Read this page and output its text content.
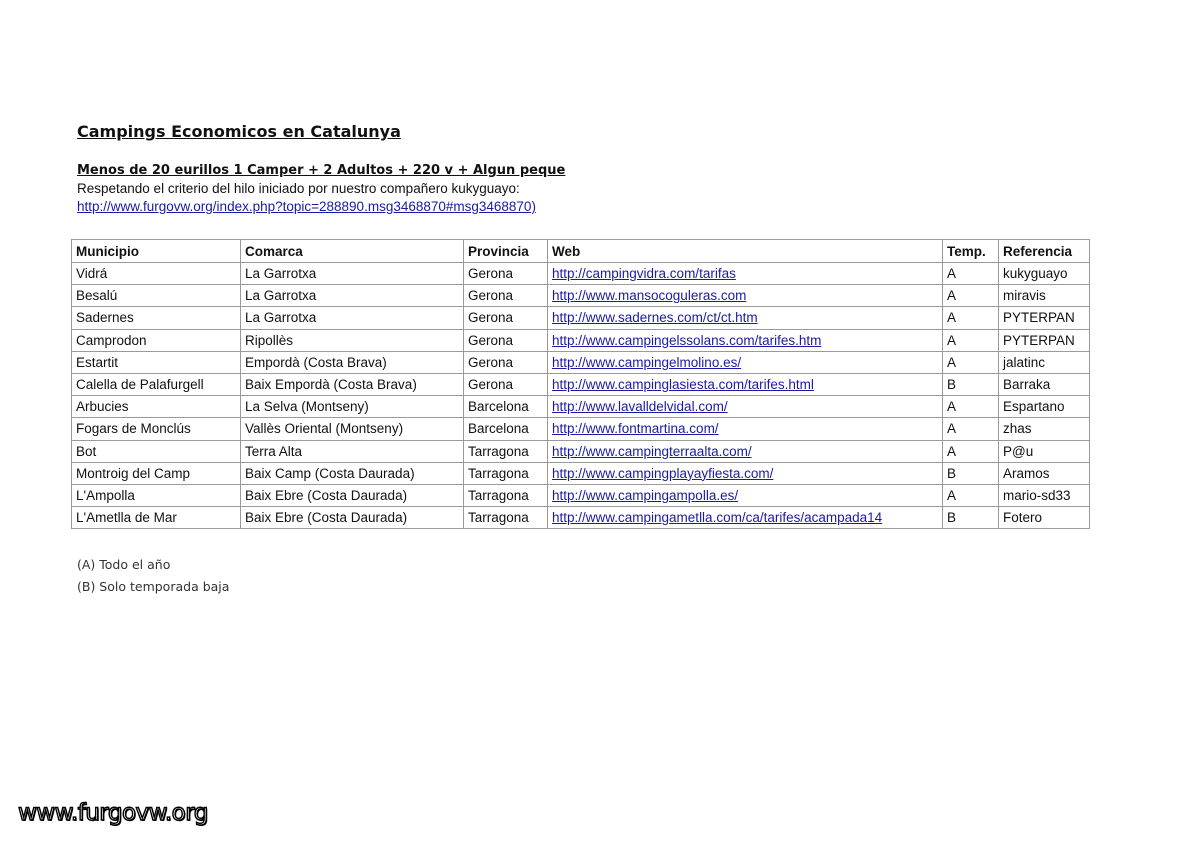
Campings Economicos en Catalunya

Menos de 20 eurillos 1 Camper + 2 Adultos + 220 v + Algun peque

Respetando el criterio del hilo iniciado por nuestro compañero kukyguayo:

http://www.furgovw.org/index.php?topic=288890.msg3468870#msg3468870)
Municipio	Comarca	Provincia	Web	Temp.	Referencia
Vidrá	La Garrotxa	Gerona	http://campingvidra.com/tarifas	A	kukyguayo
Besalú	La Garrotxa	Gerona	http://www.mansocoguleras.com	A	miravis
Sadernes	La Garrotxa	Gerona	http://www.sadernes.com/ct/ct.htm	A	PYTERPAN
Camprodon	Ripollès	Gerona	http://www.campingelssolans.com/tarifes.htm	A	PYTERPAN
Estartit	Empordà (Costa Brava)	Gerona	http://www.campingelmolino.es/	A	jalatinc
Calella de Palafurgell	Baix Empordà (Costa Brava)	Gerona	http://www.campinglasiesta.com/tarifes.html	B	Barraka
Arbucies	La Selva (Montseny)	Barcelona	http://www.lavalldelvidal.com/	A	Espartano
Fogars de Monclús	Vallès Oriental (Montseny)	Barcelona	http://www.fontmartina.com/	A	zhas
Bot	Terra Alta	Tarragona	http://www.campingterraalta.com/	A	P@u
Montroig del Camp	Baix Camp (Costa Daurada)	Tarragona	http://www.campingplayayfiesta.com/	B	Aramos
L'Ampolla	Baix Ebre (Costa Daurada)	Tarragona	http://www.campingampolla.es/	A	mario-sd33
L'Ametlla de Mar	Baix Ebre (Costa Daurada)	Tarragona	http://www.campingametlla.com/ca/tarifes/acampada14	B	Fotero
(A) Todo el año
(B) Solo temporada baja
www.furgovw.org
